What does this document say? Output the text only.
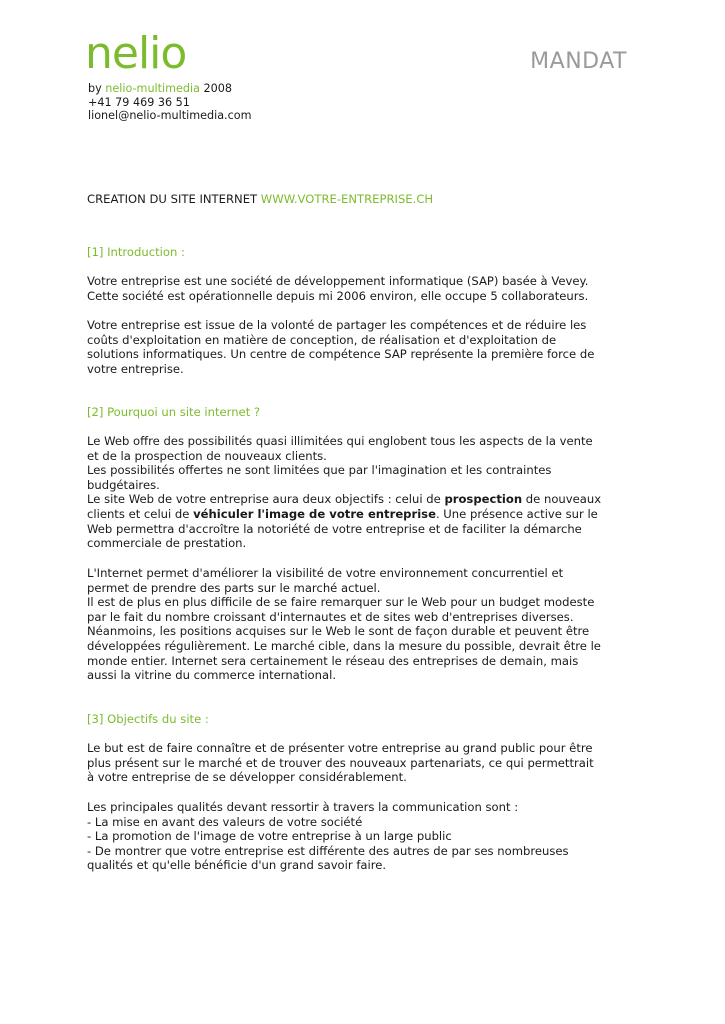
nelio	MANDAT
by nelio-multimedia 2008
+41 79 469 36 51
lionel@nelio-multimedia.com
CREATION DU SITE INTERNET WWW.VOTRE-ENTREPRISE.CH
[1] Introduction :

Votre entreprise est une société de développement informatique (SAP) basée à Vevey. Cette société est opérationnelle depuis mi 2006 environ, elle occupe 5 collaborateurs.

Votre entreprise est issue de la volonté de partager les compétences et de réduire les coûts d'exploitation en matière de conception, de réalisation et d'exploitation de solutions informatiques. Un centre de compétence SAP représente la première force de votre entreprise.

[2] Pourquoi un site internet ?

Le Web offre des possibilités quasi illimitées qui englobent tous les aspects de la vente et de la prospection de nouveaux clients.

Les possibilités offertes ne sont limitées que par l'imagination et les contraintes budgétaires.

Le site Web de votre entreprise aura deux objectifs : celui de prospection de nouveaux clients et celui de véhiculer l'image de votre entreprise. Une présence active sur le Web permettra d'accroître la notoriété de votre entreprise et de faciliter la démarche commerciale de prestation.

L'Internet permet d'améliorer la visibilité de votre environnement concurrentiel et permet de prendre des parts sur le marché actuel.

Il est de plus en plus difficile de se faire remarquer sur le Web pour un budget modeste par le fait du nombre croissant d'internautes et de sites web d'entreprises diverses. Néanmoins, les positions acquises sur le Web le sont de façon durable et peuvent être développées régulièrement. Le marché cible, dans la mesure du possible, devrait être le monde entier. Internet sera certainement le réseau des entreprises de demain, mais aussi la vitrine du commerce international.

[3] Objectifs du site :

Le but est de faire connaître et de présenter votre entreprise au grand public pour être plus présent sur le marché et de trouver des nouveaux partenariats, ce qui permettrait à votre entreprise de se développer considérablement.

Les principales qualités devant ressortir à travers la communication sont :

- La mise en avant des valeurs de votre société
- La promotion de l'image de votre entreprise à un large public
- De montrer que votre entreprise est différente des autres de par ses nombreuses qualités et qu'elle bénéficie d'un grand savoir faire.
